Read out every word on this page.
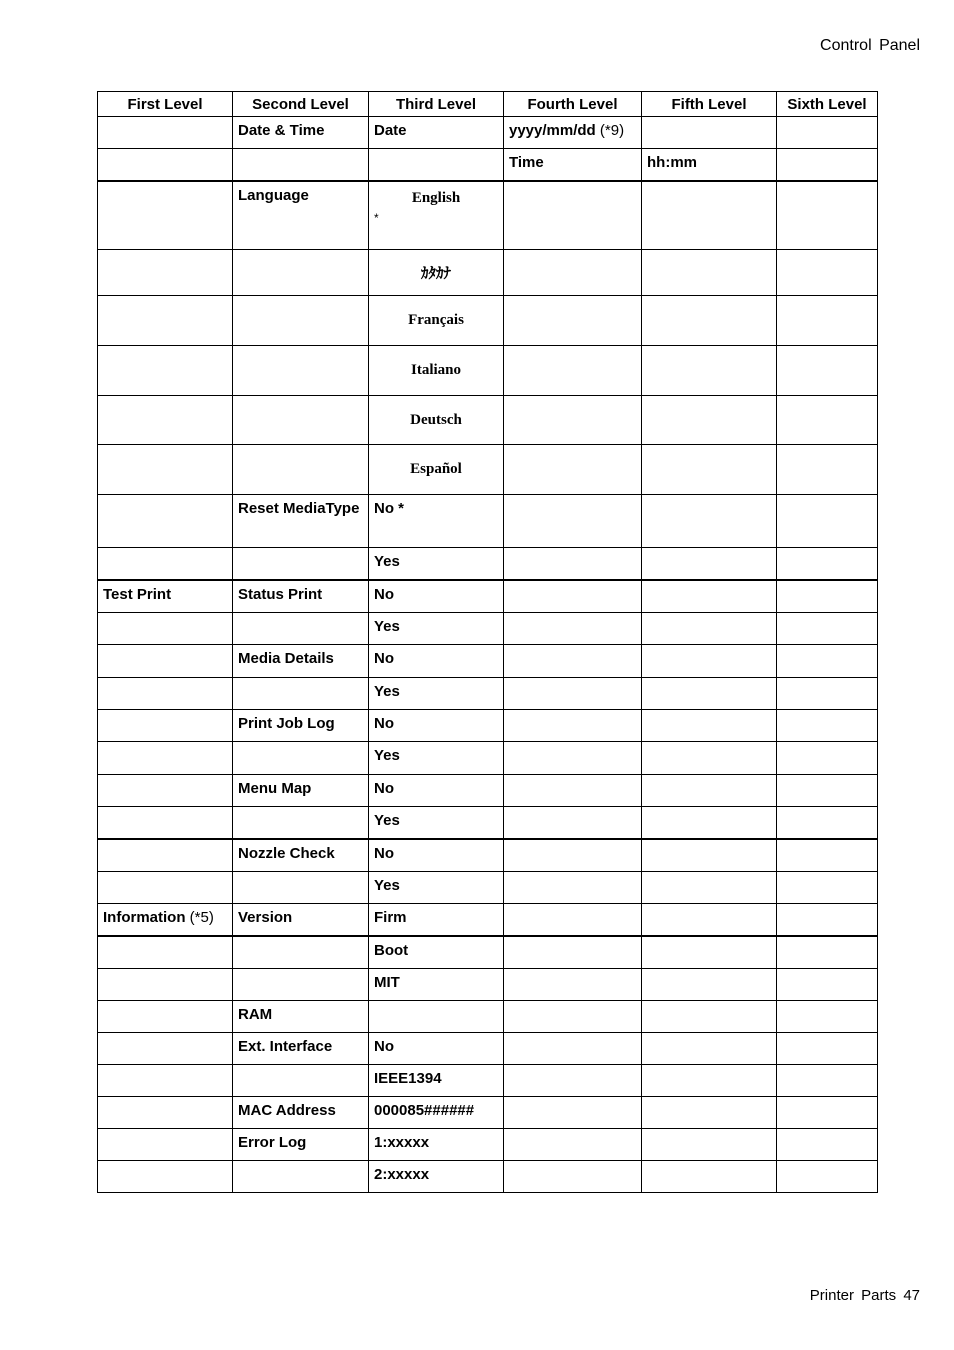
Control Panel
First Level	Second Level	Third Level	Fourth Level	Fifth Level	Sixth Level
	Date & Time	Date	yyyy/mm/dd (*9)		
			Time	hh:mm	
	Language	English
*			

		ｶﾀｶﾅ			
		Français			
		Italiano			
		Deutsch			
		Español			
	Reset MediaType	No *			
		Yes			
Test Print	Status Print	No			
		Yes			
	Media Details	No			
		Yes			
	Print Job Log	No			
		Yes			
	Menu Map	No			
		Yes			
	Nozzle Check	No			
		Yes			
Information (*5)	Version	Firm			
		Boot			
		MIT			
	RAM				
	Ext. Interface	No			
		IEEE1394			
	MAC Address	000085######			
	Error Log	1:xxxxx			
		2:xxxxx			
Printer Parts 47
